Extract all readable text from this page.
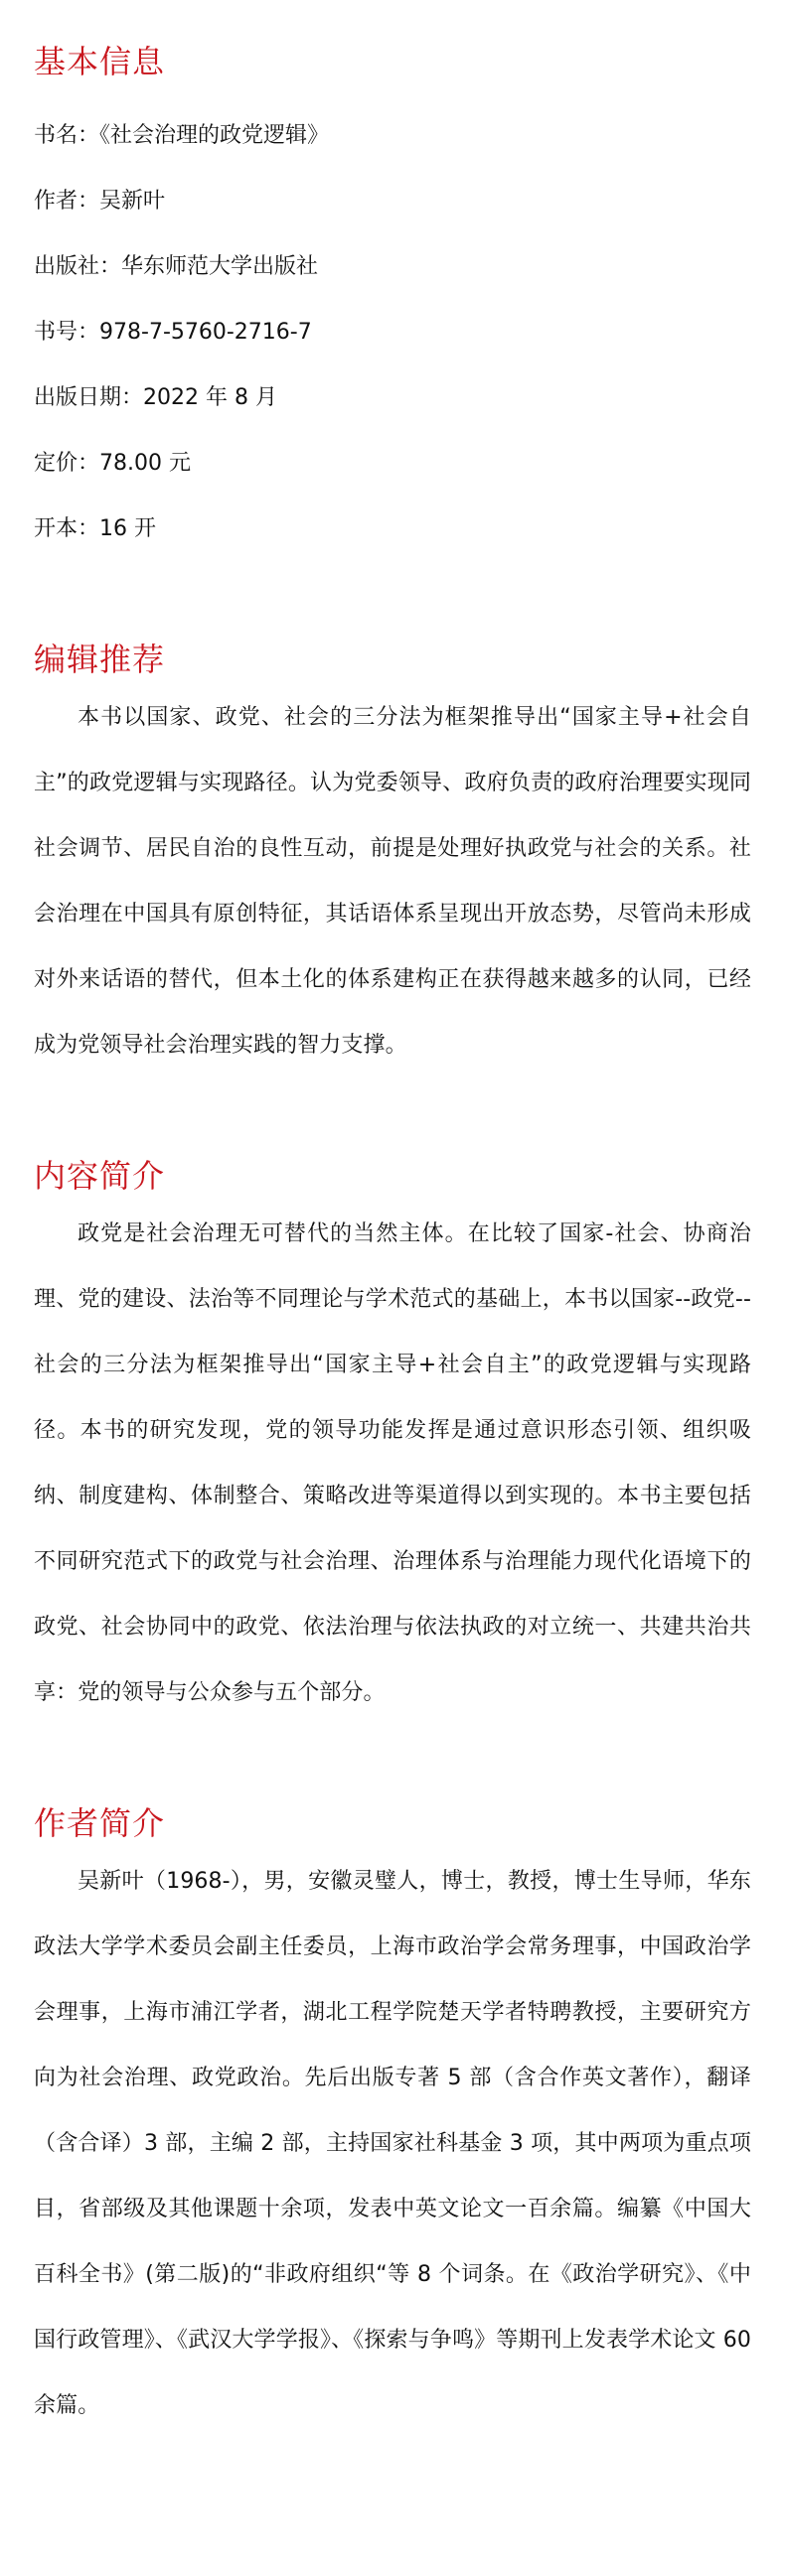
基本信息
书名：《社会治理的政党逻辑》
作者：吴新叶
出版社：华东师范大学出版社
书号：978-7-5760-2716-7
出版日期：2022 年 8 月
定价：78.00 元
开本：16 开
编辑推荐

本书以国家、政党、社会的三分法为框架推导出“国家主导+社会自主”的政党逻辑与实现路径。认为党委领导、政府负责的政府治理要实现同社会调节、居民自治的良性互动，前提是处理好执政党与社会的关系。社会治理在中国具有原创特征，其话语体系呈现出开放态势，尽管尚未形成对外来话语的替代，但本土化的体系建构正在获得越来越多的认同，已经成为党领导社会治理实践的智力支撑。

内容简介

政党是社会治理无可替代的当然主体。在比较了国家-社会、协商治理、党的建设、法治等不同理论与学术范式的基础上，本书以国家--政党--社会的三分法为框架推导出“国家主导+社会自主”的政党逻辑与实现路径。本书的研究发现，党的领导功能发挥是通过意识形态引领、组织吸纳、制度建构、体制整合、策略改进等渠道得以到实现的。本书主要包括不同研究范式下的政党与社会治理、治理体系与治理能力现代化语境下的政党、社会协同中的政党、依法治理与依法执政的对立统一、共建共治共享：党的领导与公众参与五个部分。

作者简介

吴新叶（1968-），男，安徽灵璧人，博士，教授，博士生导师，华东政法大学学术委员会副主任委员，上海市政治学会常务理事，中国政治学会理事，上海市浦江学者，湖北工程学院楚天学者特聘教授，主要研究方向为社会治理、政党政治。先后出版专著 5 部（含合作英文著作），翻译（含合译）3 部，主编 2 部，主持国家社科基金 3 项，其中两项为重点项目，省部级及其他课题十余项，发表中英文论文一百余篇。编纂《中国大百科全书》(第二版)的“非政府组织“等 8 个词条。在《政治学研究》、《中国行政管理》、《武汉大学学报》、《探索与争鸣》等期刊上发表学术论文 60 余篇。
